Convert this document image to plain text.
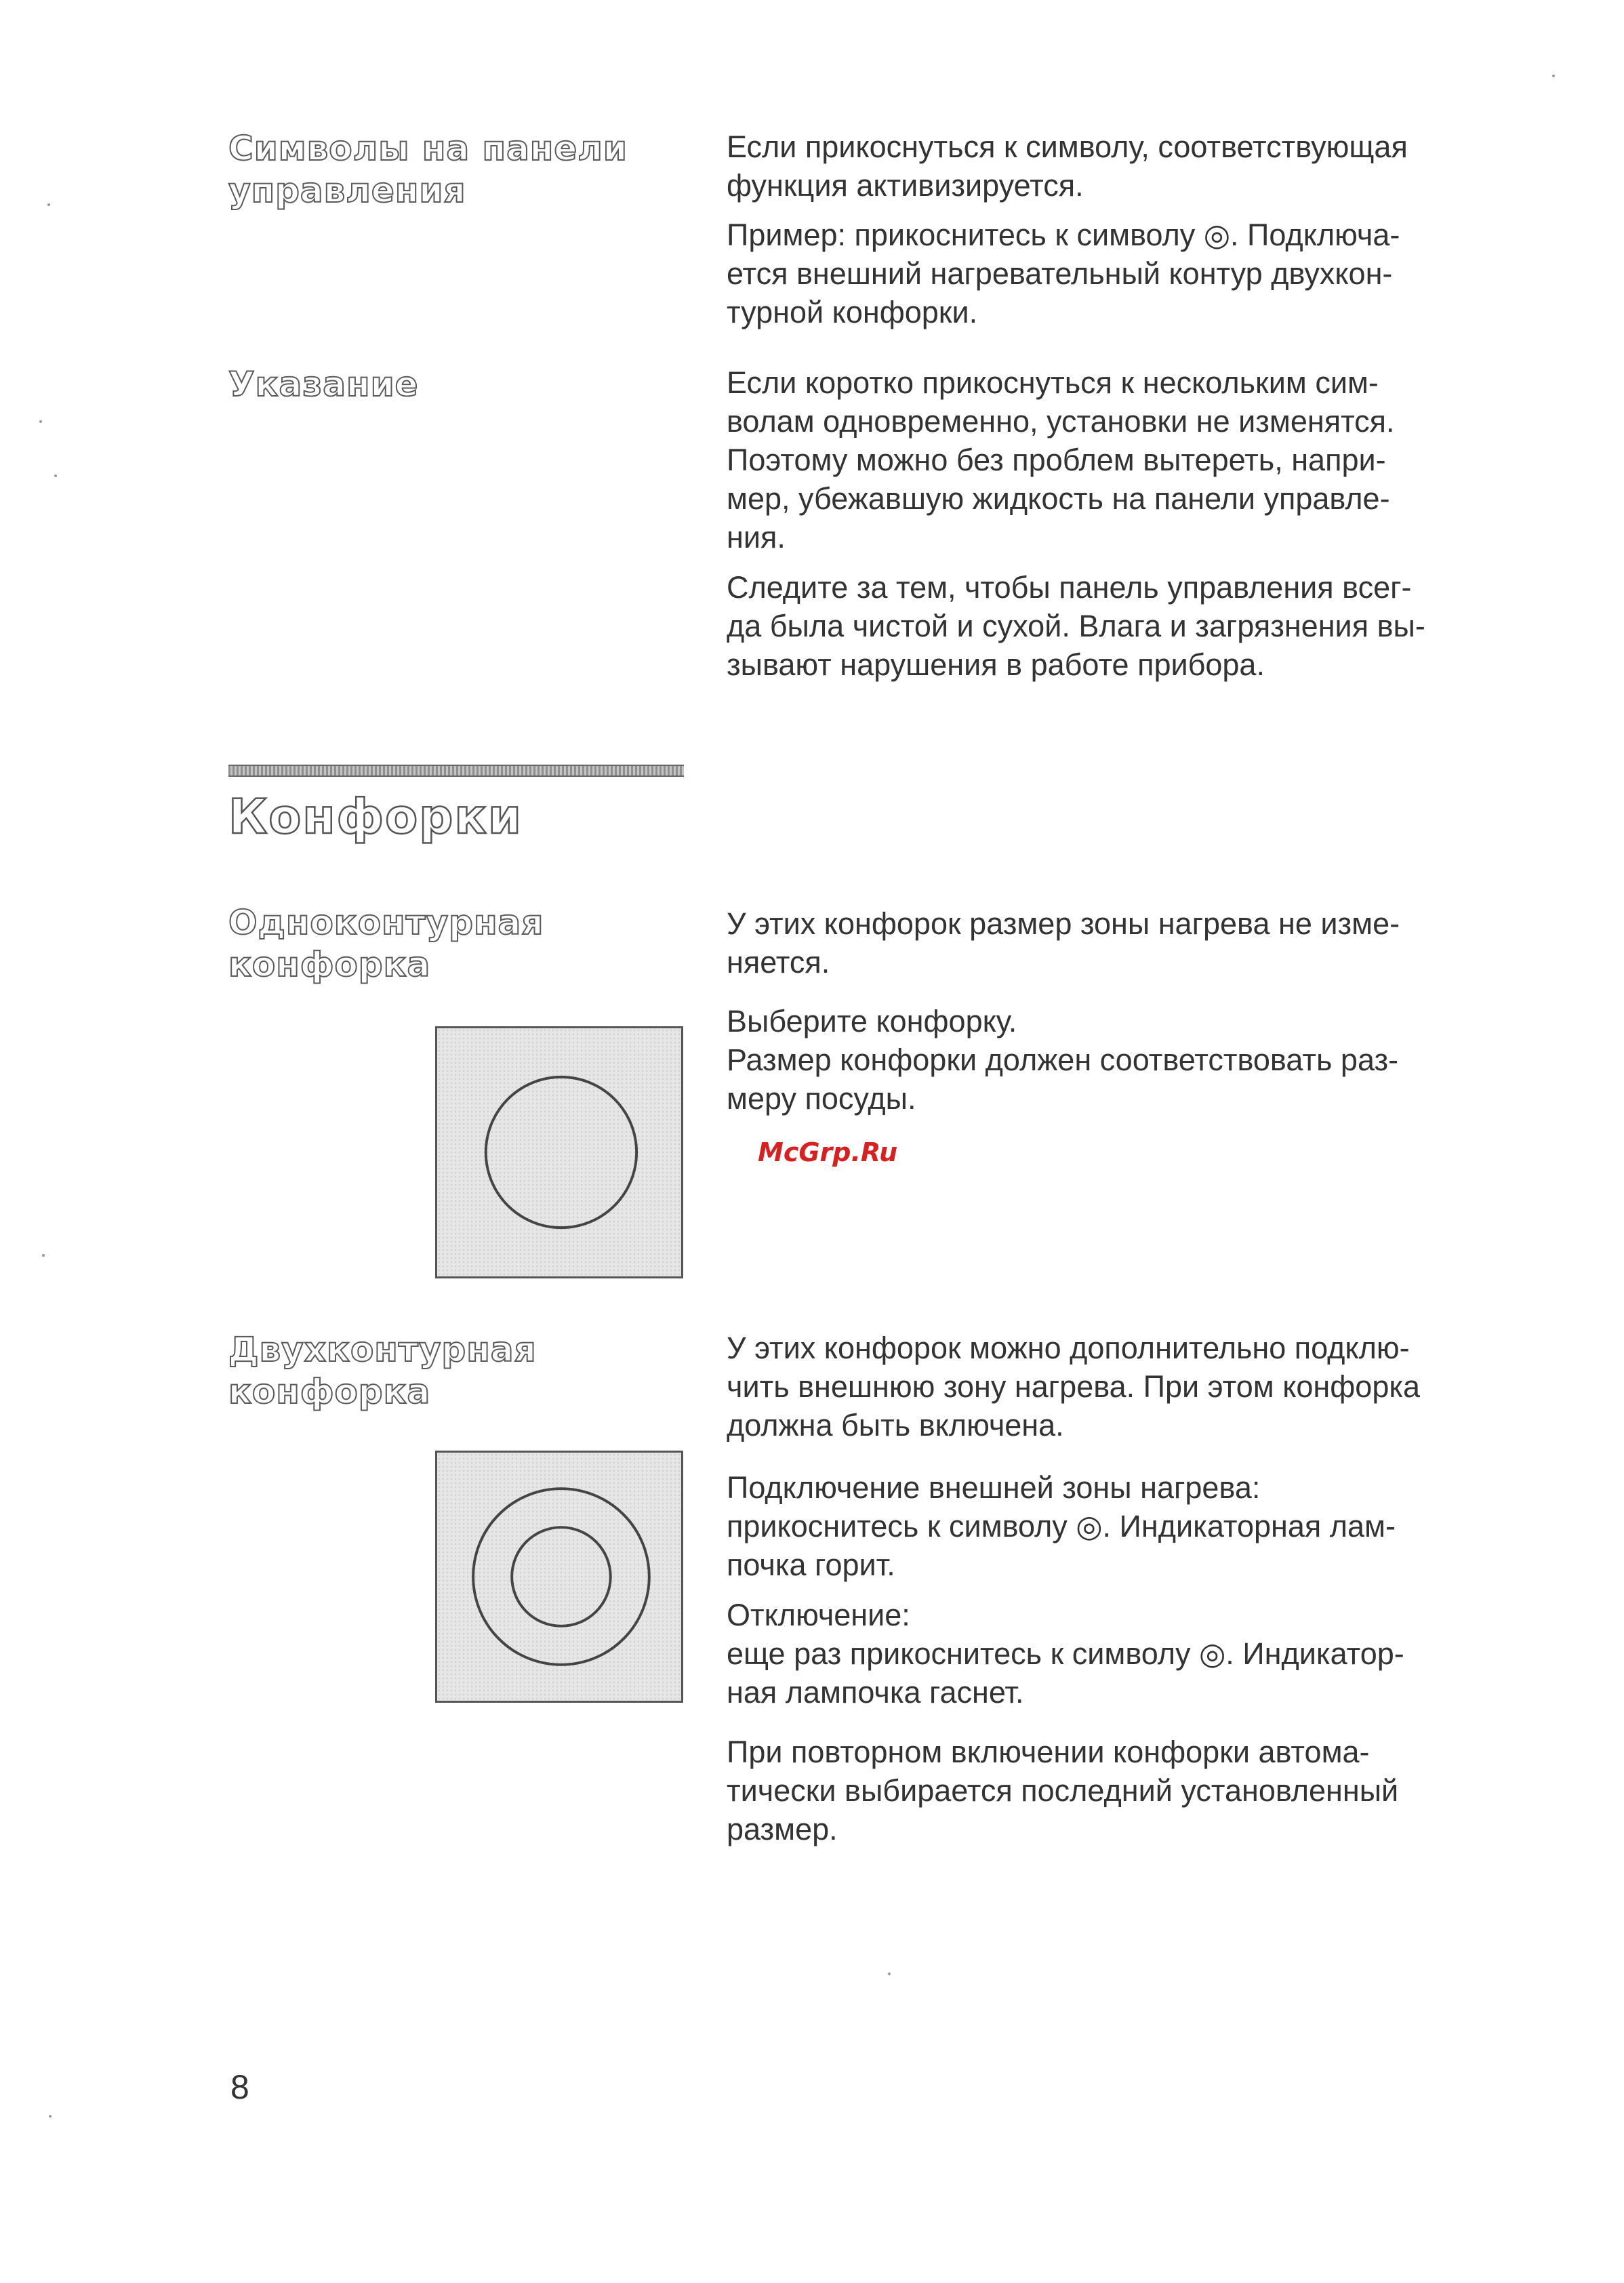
Символы на панели
управления

Если прикоснуться к символу, соответствующая
функция активизируется.

Пример: прикоснитесь к символу ◎. Подключа-
ется внешний нагревательный контур двухкон-
турной конфорки.

Указание	Если коротко прикоснуться к нескольким сим-
волам одновременно, установки не изменятся.
Поэтому можно без проблем вытереть, напри-
мер, убежавшую жидкость на панели управле-
ния.

Следите за тем, чтобы панель управления всег-
да была чистой и сухой. Влага и загрязнения вы-
зывают нарушения в работе прибора.

Конфорки
Одноконтурная
конфорка

У этих конфорок размер зоны нагрева не изме-
няется.

Выберите конфорку.
Размер конфорки должен соответствовать раз-
меру посуды.

McGrp.Ru
Двухконтурная
конфорка

У этих конфорок можно дополнительно подклю-
чить внешнюю зону нагрева. При этом конфорка
должна быть включена.

Подключение внешней зоны нагрева:
прикоснитесь к символу ◎. Индикаторная лам-
почка горит.

Отключение:
еще раз прикоснитесь к символу ◎. Индикатор-
ная лампочка гаснет.

При повторном включении конфорки автома-
тически выбирается последний установленный
размер.

8
